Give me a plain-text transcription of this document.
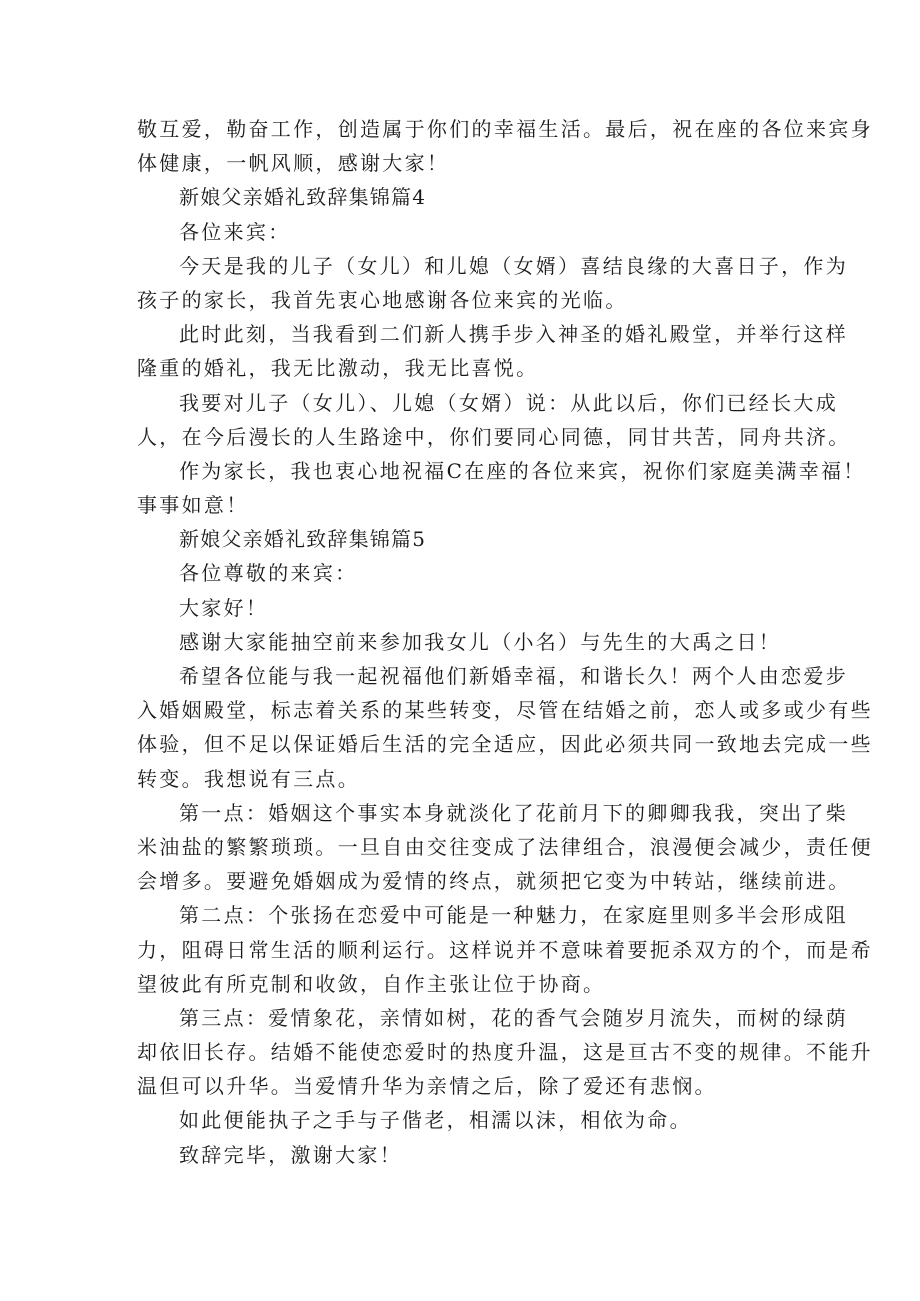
敬互爱，勒奋工作，创造属于你们的幸福生活。最后，祝在座的各位来宾身
体健康，一帆风顺，感谢大家！
新娘父亲婚礼致辞集锦篇4
各位来宾：
今天是我的儿子（女儿）和儿媳（女婿）喜结良缘的大喜日子，作为
孩子的家长，我首先衷心地感谢各位来宾的光临。
此时此刻，当我看到二们新人携手步入神圣的婚礼殿堂，并举行这样
隆重的婚礼，我无比激动，我无比喜悦。
我要对儿子（女儿）、儿媳（女婿）说：从此以后，你们已经长大成
人，在今后漫长的人生路途中，你们要同心同德，同甘共苦，同舟共济。
作为家长，我也衷心地祝福C在座的各位来宾，祝你们家庭美满幸福！
事事如意！
新娘父亲婚礼致辞集锦篇5
各位尊敬的来宾：
大家好！
感谢大家能抽空前来参加我女儿（小名）与先生的大禹之日！
希望各位能与我一起祝福他们新婚幸福，和谐长久！两个人由恋爱步
入婚姻殿堂，标志着关系的某些转变，尽管在结婚之前，恋人或多或少有些
体验，但不足以保证婚后生活的完全适应，因此必须共同一致地去完成一些
转变。我想说有三点。
第一点：婚姻这个事实本身就淡化了花前月下的卿卿我我，突出了柴
米油盐的繁繁琐琐。一旦自由交往变成了法律组合，浪漫便会减少，责任便
会增多。要避免婚姻成为爱情的终点，就须把它变为中转站，继续前进。
第二点：个张扬在恋爱中可能是一种魅力，在家庭里则多半会形成阻
力，阻碍日常生活的顺利运行。这样说并不意味着要扼杀双方的个，而是希
望彼此有所克制和收敛，自作主张让位于协商。
第三点：爱情象花，亲情如树，花的香气会随岁月流失，而树的绿荫
却依旧长存。结婚不能使恋爱时的热度升温，这是亘古不变的规律。不能升
温但可以升华。当爱情升华为亲情之后，除了爱还有悲悯。
如此便能执子之手与子偕老，相濡以沫，相依为命。
致辞完毕，激谢大家！
